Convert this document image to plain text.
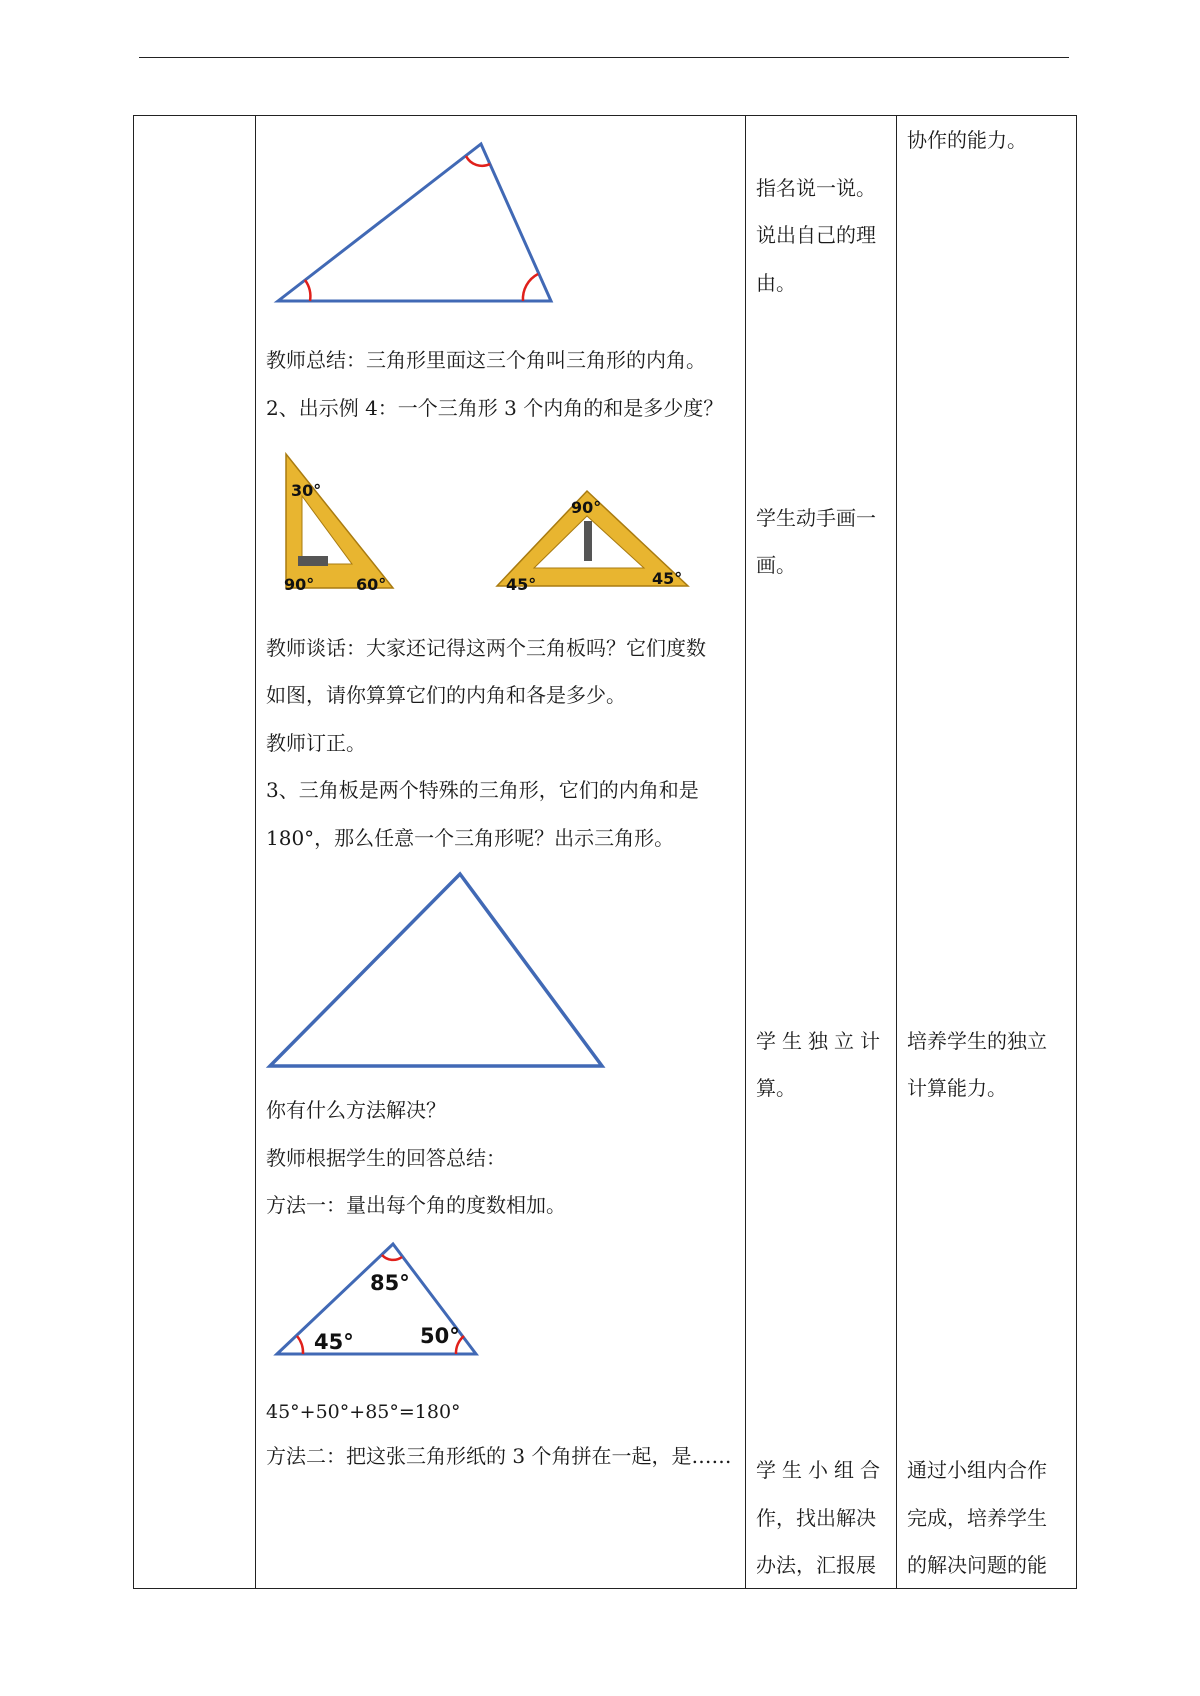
教师总结：三角形里面这三个角叫三角形的内角。
2、出示例 4：一个三角形 3 个内角的和是多少度？
30°
90°	60°
90°
45°	45°
教师谈话：大家还记得这两个三角板吗？它们度数
如图，请你算算它们的内角和各是多少。
教师订正。
3、三角板是两个特殊的三角形，它们的内角和是
180°，那么任意一个三角形呢？出示三角形。
你有什么方法解决？
教师根据学生的回答总结：
方法一：量出每个角的度数相加。
85°
45°	50°
45°+50°+85°=180°
方法二：把这张三角形纸的 3 个角拼在一起，是……
指名说一说。
说出自己的理
由。
学生动手画一
画。
学生独立计
算。
学生小组合
作，找出解决
办法，汇报展
协作的能力。
培养学生的独立
计算能力。
通过小组内合作
完成，培养学生
的解决问题的能
